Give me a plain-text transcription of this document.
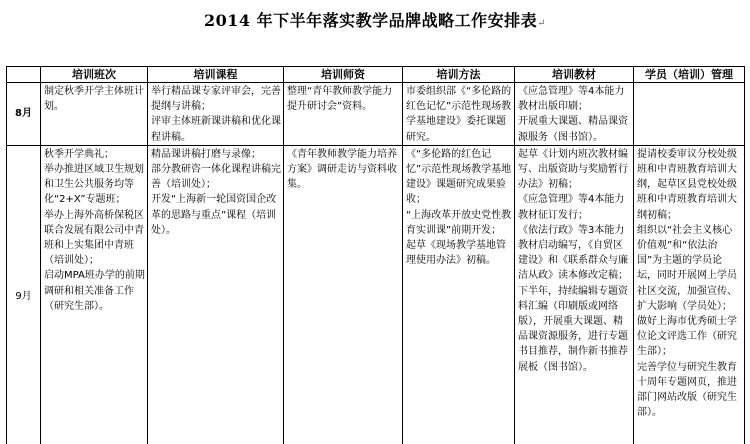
2014 年下半年落实教学品牌战略工作安排表↵
	培训班次	培训课程	培训师资	培训方法	培训教材	学员（培训）管理
8月	制定秋季开学主体班计划。	举行精品课专家评审会，完善提纲与讲稿；
评审主体班新课讲稿和优化课程讲稿。	整理“青年教师教学能力提升研讨会”资料。	市委组织部《“多伦路的红色记忆”示范性现场教学基地建设》委托课题研究。	《应急管理》等4本能力教材出版印刷；
开展重大课题、精品课资源服务（图书馆）。	

9月	秋季开学典礼；
举办推进区域卫生规划和卫生公共服务均等化“2+X”专题班；
举办上海外高桥保税区联合发展有限公司中青班和上实集团中青班（培训处）；
启动MPA班办学的前期调研和相关准备工作（研究生部）。	精品课讲稿打磨与录像；
部分教研咨一体化课程讲稿完善（培训处）；
开发“上海新一轮国资国企改革的思路与重点”课程（培训处）。	《青年教师教学能力培养方案》调研走访与资料收集。	《“多伦路的红色记忆”示范性现场教学基地建设》课题研究成果验收；
“上海改革开放史党性教育实训课”前期开发；
起草《现场教学基地管理使用办法》初稿。	起草《计划内班次教材编写、出版资助与奖励暂行办法》初稿；
《应急管理》等4本能力教材征订发行；
《依法行政》等3本能力教材启动编写，《自贸区建设》和《联系群众与廉洁从政》读本修改定稿；
下半年，持续编辑专题资料汇编（印刷版或网络版），开展重大课题、精品课资源服务，进行专题书目推荐，制作新书推荐展板（图书馆）。	提请校委审议分校处级班和中青班教育培训大纲，起草区县党校处级班和中青班教育培训大纲初稿；
组织以“社会主义核心价值观”和“依法治国”为主题的学员论坛，同时开展网上学员社区交流，加强宣传、扩大影响（学员处）；
做好上海市优秀硕士学位论文评选工作（研究生部）；
完善学位与研究生教育十周年专题网页，推进部门网站改版（研究生部）。
